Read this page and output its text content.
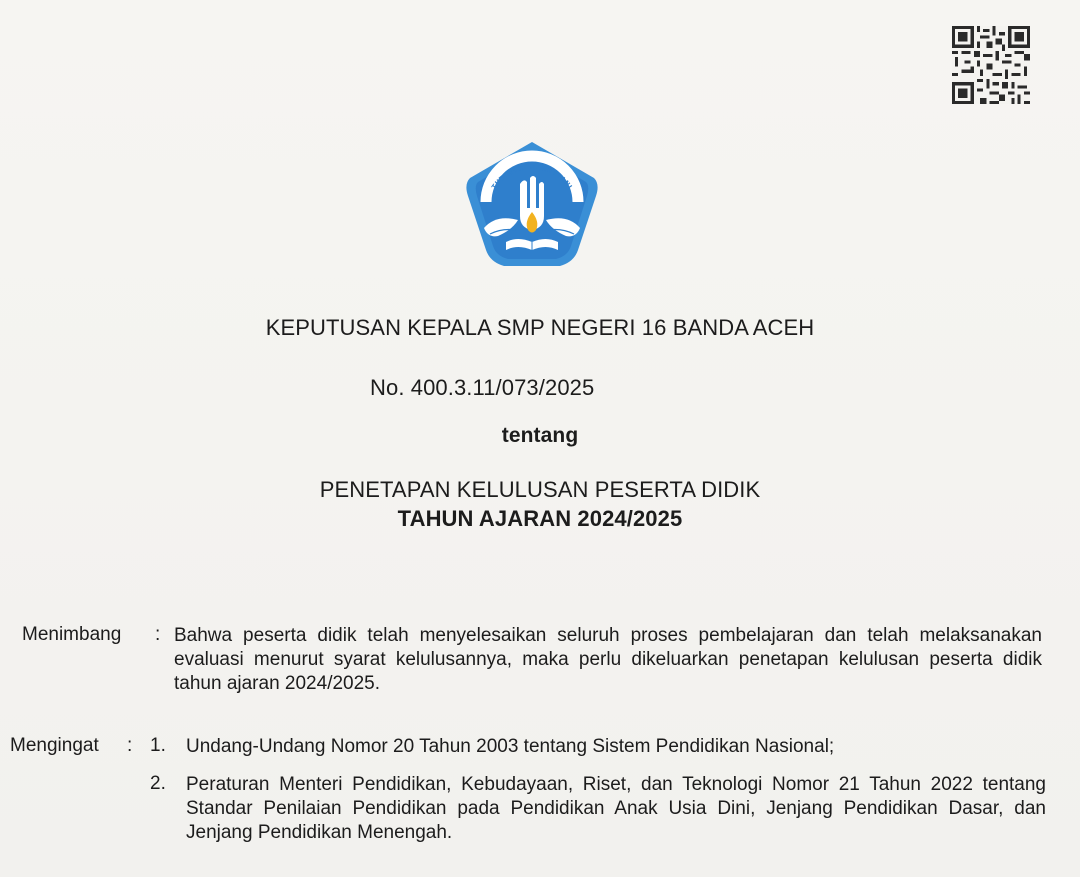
TUT WURI HANDAYANI
KEPUTUSAN KEPALA SMP NEGERI 16 BANDA ACEH
No. 400.3.11/073/2025
tentang
PENETAPAN KELULUSAN PESERTA DIDIK
TAHUN AJARAN 2024/2025
Menimbang : Bahwa peserta didik telah menyelesaikan seluruh proses pembelajaran dan telah melaksanakan evaluasi menurut syarat kelulusannya, maka perlu dikeluarkan penetapan kelulusan peserta didik tahun ajaran 2024/2025.
Mengingat : 1. Undang-Undang Nomor 20 Tahun 2003 tentang Sistem Pendidikan Nasional;
2. Peraturan Menteri Pendidikan, Kebudayaan, Riset, dan Teknologi Nomor 21 Tahun 2022 tentang Standar Penilaian Pendidikan pada Pendidikan Anak Usia Dini, Jenjang Pendidikan Dasar, dan Jenjang Pendidikan Menengah.
